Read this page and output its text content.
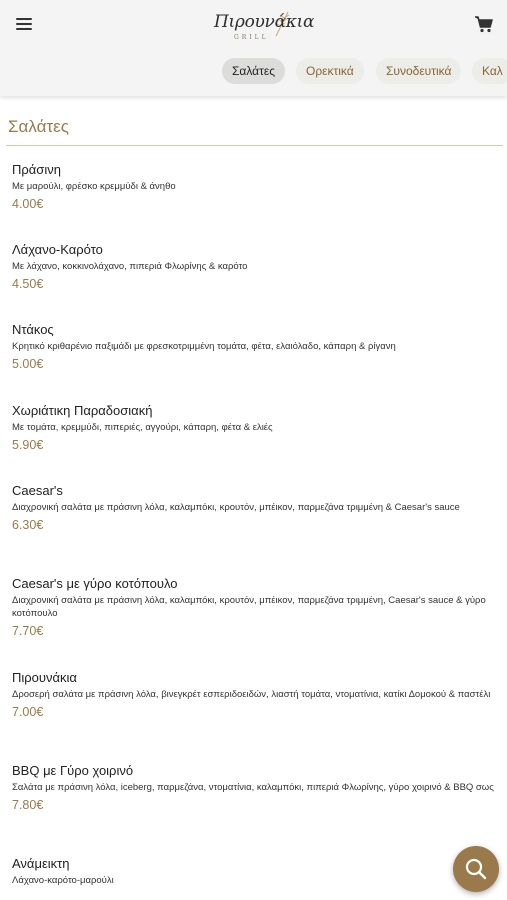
Πιρουνάκια
GRILL
Σαλάτες	Ορεκτικά	Συνοδευτικά	Καλ
Σαλάτες
Πράσινη
Με μαρούλι, φρέσκο κρεμμύδι & άνηθο
4.00€
Λάχανο-Καρότο
Με λάχανο, κοκκινολάχανο, πιπεριά Φλωρίνης & καρότο
4.50€
Ντάκος
Κρητικό κριθαρένιο παξιμάδι με φρεσκοτριμμένη τομάτα, φέτα, ελαιόλαδο, κάπαρη & ρίγανη
5.00€
Χωριάτικη Παραδοσιακή
Με τομάτα, κρεμμύδι, πιπεριές, αγγούρι, κάπαρη, φέτα & ελιές
5.90€
Caesar's
Διαχρονική σαλάτα με πράσινη λόλα, καλαμπόκι, κρουτόν, μπέικον, παρμεζάνα τριμμένη & Caesar's sauce
6.30€
Caesar's με γύρο κοτόπουλο
Διαχρονική σαλάτα με πράσινη λόλα, καλαμπόκι, κρουτόν, μπέικον, παρμεζάνα τριμμένη, Caesar's sauce & γύρο κοτόπουλο
7.70€
Πιρουνάκια
Δροσερή σαλάτα με πράσινη λόλα, βινεγκρέτ εσπεριδοειδών, λιαστή τομάτα, ντοματίνια, κατίκι Δομοκού & παστέλι
7.00€
BBQ με Γύρο χοιρινό
Σαλάτα με πράσινη λόλα, iceberg, παρμεζάνα, ντοματίνια, καλαμπόκι, πιπεριά Φλωρίνης, γύρο χοιρινό & BBQ σως
7.80€
Ανάμεικτη
Λάχανο-καρότο-μαρούλι
